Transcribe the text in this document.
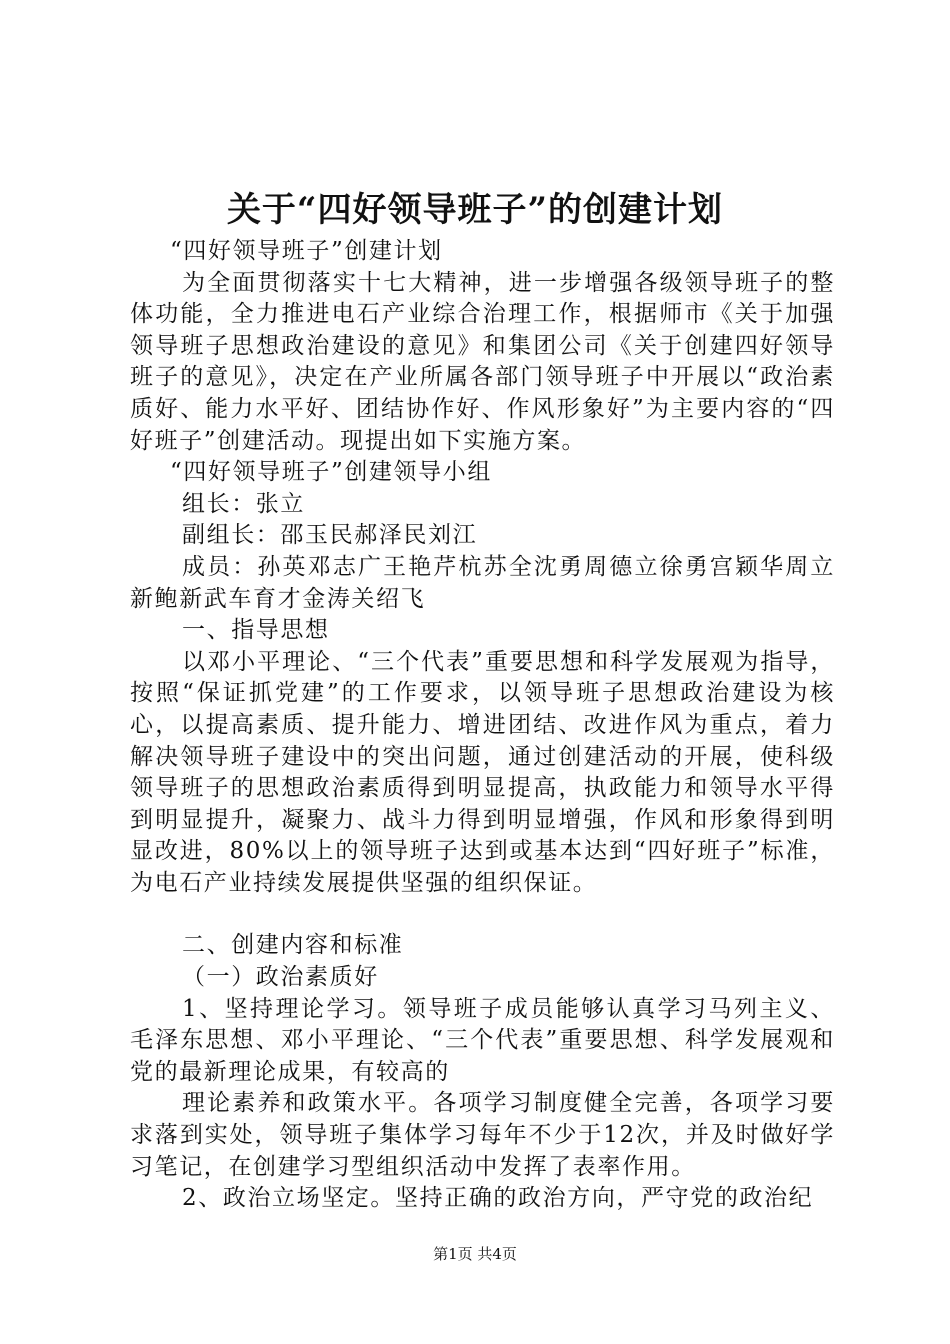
关于“四好领导班子”的创建计划

“四好领导班子”创建计划

为全面贯彻落实十七大精神，进一步增强各级领导班子的整体功能，全力推进电石产业综合治理工作，根据师市《关于加强领导班子思想政治建设的意见》和集团公司《关于创建四好领导班子的意见》，决定在产业所属各部门领导班子中开展以“政治素质好、能力水平好、团结协作好、作风形象好”为主要内容的“四好班子”创建活动。现提出如下实施方案。

“四好领导班子”创建领导小组

组长：张立

副组长：邵玉民郝泽民刘江

成员：孙英邓志广王艳芹杭苏全沈勇周德立徐勇宫颖华周立新鲍新武车育才金涛关绍飞

一、指导思想

以邓小平理论、“三个代表”重要思想和科学发展观为指导，按照“保证抓党建”的工作要求，以领导班子思想政治建设为核心，以提高素质、提升能力、增进团结、改进作风为重点，着力解决领导班子建设中的突出问题，通过创建活动的开展，使科级领导班子的思想政治素质得到明显提高，执政能力和领导水平得到明显提升，凝聚力、战斗力得到明显增强，作风和形象得到明显改进，80%以上的领导班子达到或基本达到“四好班子”标准，为电石产业持续发展提供坚强的组织保证。

二、创建内容和标准

（一）政治素质好

1、坚持理论学习。领导班子成员能够认真学习马列主义、毛泽东思想、邓小平理论、“三个代表”重要思想、科学发展观和党的最新理论成果，有较高的

理论素养和政策水平。各项学习制度健全完善，各项学习要求落到实处，领导班子集体学习每年不少于12次，并及时做好学习笔记，在创建学习型组织活动中发挥了表率作用。

2、政治立场坚定。坚持正确的政治方向，严守党的政治纪

第1页 共4页
